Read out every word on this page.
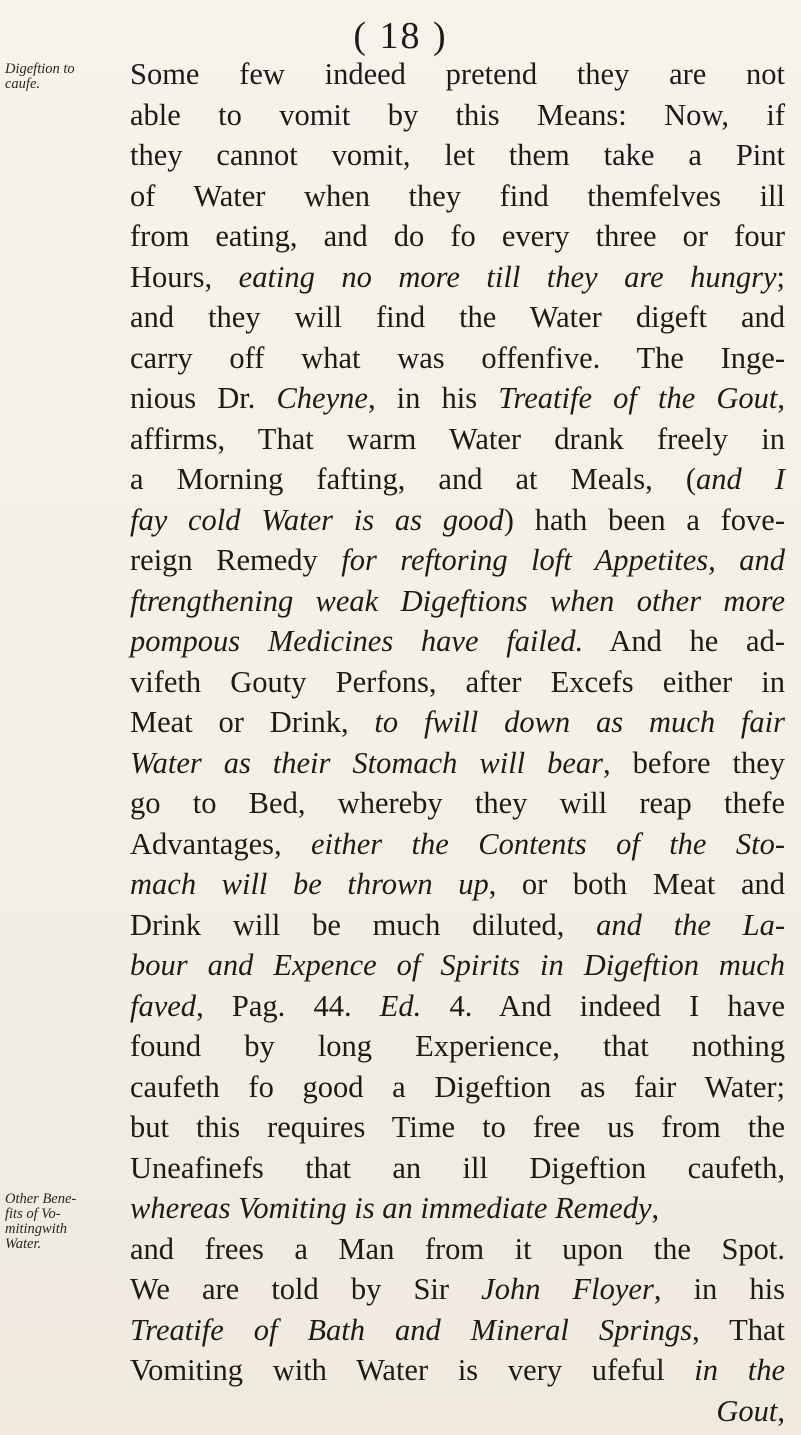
( 18 )
Digeftion to
caufe.
Other Bene-
fits of Vo-
mitingwith
Water.
Some few indeed pretend they are not
able to vomit by this Means: Now, if
they cannot vomit, let them take a Pint
of Water when they find themfelves ill
from eating, and do fo every three or four
Hours, eating no more till they are hungry;
and they will find the Water digeft and
carry off what was offenfive. The Inge-
nious Dr. Cheyne, in his Treatife of the Gout,
affirms, That warm Water drank freely in
a Morning fafting, and at Meals, (and I
fay cold Water is as good) hath been a fove-
reign Remedy for reftoring loft Appetites, and
ftrengthening weak Digeftions when other more
pompous Medicines have failed. And he ad-
vifeth Gouty Perfons, after Excefs either in
Meat or Drink, to fwill down as much fair
Water as their Stomach will bear, before they
go to Bed, whereby they will reap thefe
Advantages, either the Contents of the Sto-
mach will be thrown up, or both Meat and
Drink will be much diluted, and the La-
bour and Expence of Spirits in Digeftion much
faved, Pag. 44. Ed. 4. And indeed I have
found by long Experience, that nothing
caufeth fo good a Digeftion as fair Water;
but this requires Time to free us from the
Uneafinefs that an ill Digeftion caufeth,
whereas Vomiting is an immediate Remedy,
and frees a Man from it upon the Spot.
We are told by Sir John Floyer, in his
Treatife of Bath and Mineral Springs, That
Vomiting with Water is very ufeful in the
Gout,
